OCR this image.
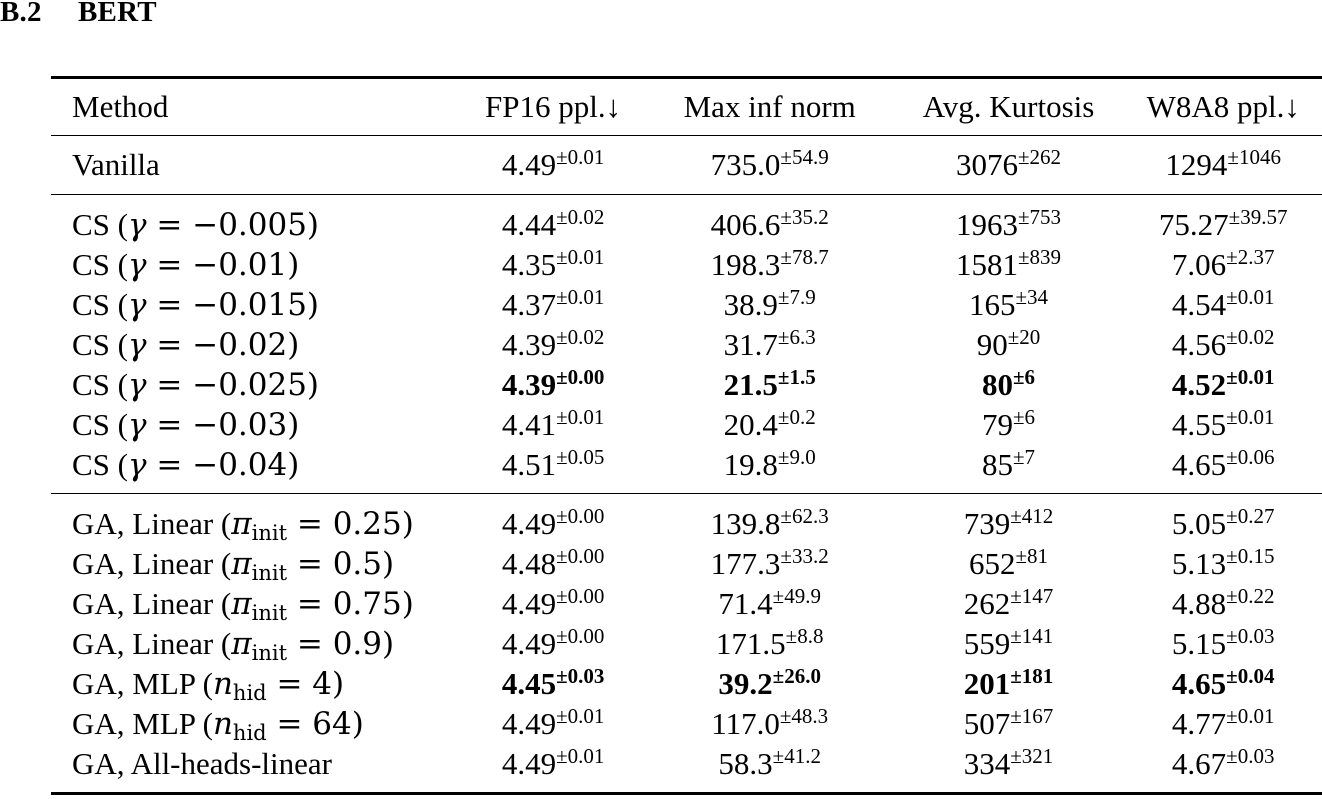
B.2 BERT
Method	FP16 ppl.↓	Max inf norm	Avg. Kurtosis	W8A8 ppl.↓
Vanilla	$4.49^{\pm 0.01}$	$735.0^{\pm 54.9}$	$3076^{\pm 262}$	$1294^{\pm 1046}$
CS (γ = −0.005)	$4.44^{\pm 0.02}$	$406.6^{\pm 35.2}$	$1963^{\pm 753}$	$75.27^{\pm 39.57}$
CS (γ = −0.01)	$4.35^{\pm 0.01}$	$198.3^{\pm 78.7}$	$1581^{\pm 839}$	$7.06^{\pm 2.37}$
CS (γ = −0.015)	$4.37^{\pm 0.01}$	$38.9^{\pm 7.9}$	$165^{\pm 34}$	$4.54^{\pm 0.01}$
CS (γ = −0.02)	$4.39^{\pm 0.02}$	$31.7^{\pm 6.3}$	$90^{\pm 20}$	$4.56^{\pm 0.02}$
CS (γ = −0.025)	$4.39^{\pm 0.00}$	$21.5^{\pm 1.5}$	$80^{\pm 6}$	$4.52^{\pm 0.01}$
CS (γ = −0.03)	$4.41^{\pm 0.01}$	$20.4^{\pm 0.2}$	$79^{\pm 6}$	$4.55^{\pm 0.01}$
CS (γ = −0.04)	$4.51^{\pm 0.05}$	$19.8^{\pm 9.0}$	$85^{\pm 7}$	$4.65^{\pm 0.06}$
GA, Linear $(\pi_{init} = 0.25)$	$4.49^{\pm 0.00}$	$139.8^{\pm 62.3}$	$739^{\pm 412}$	$5.05^{\pm 0.27}$
GA, Linear $(\pi_{init} = 0.5)$	$4.48^{\pm 0.00}$	$177.3^{\pm 33.2}$	$652^{\pm 81}$	$5.13^{\pm 0.15}$
GA, Linear $(\pi_{init} = 0.75)$	$4.49^{\pm 0.00}$	$71.4^{\pm 49.9}$	$262^{\pm 147}$	$4.88^{\pm 0.22}$
GA, Linear $(\pi_{init} = 0.9)$	$4.49^{\pm 0.00}$	$171.5^{\pm 8.8}$	$559^{\pm 141}$	$5.15^{\pm 0.03}$
GA, MLP $(n_{hid} = 4)$	$4.45^{\pm 0.03}$	$39.2^{\pm 26.0}$	$201^{\pm 181}$	$4.65^{\pm 0.04}$
GA, MLP $(n_{hid} = 64)$	$4.49^{\pm 0.01}$	$117.0^{\pm 48.3}$	$507^{\pm 167}$	$4.77^{\pm 0.01}$
GA, All-heads-linear	$4.49^{\pm 0.01}$	$58.3^{\pm 41.2}$	$334^{\pm 321}$	$4.67^{\pm 0.03}$
